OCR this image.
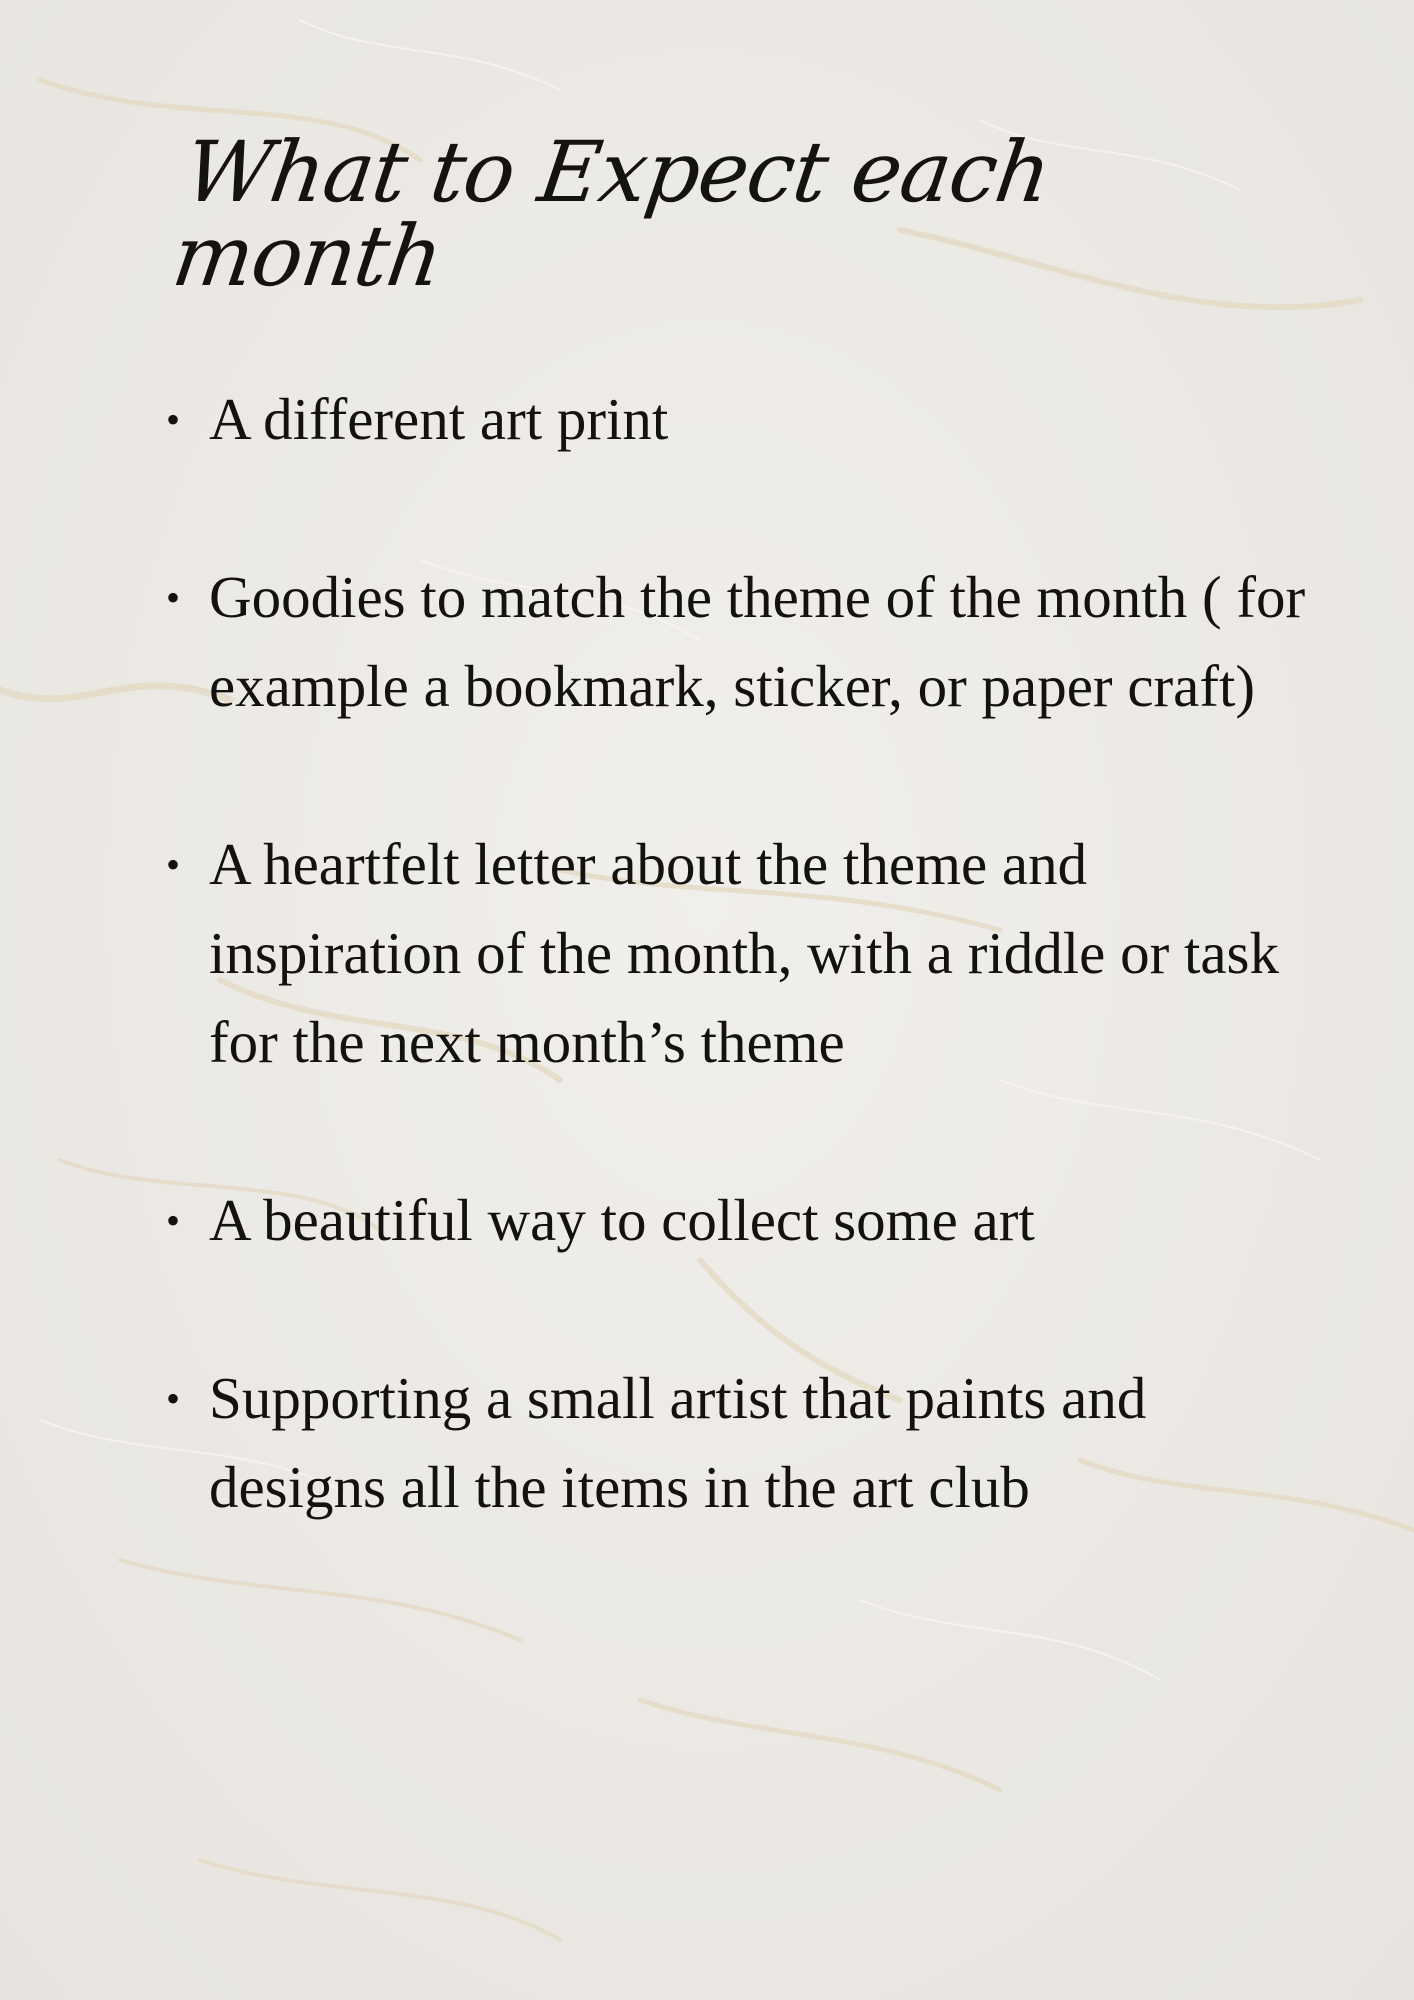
What to Expect each month
• A different art print
• Goodies to match the theme of the month ( for example a bookmark, sticker, or paper craft)
• A heartfelt letter about the theme and inspiration of the month, with a riddle or task for the next month’s theme
• A beautiful way to collect some art
• Supporting a small artist that paints and designs all the items in the art club
